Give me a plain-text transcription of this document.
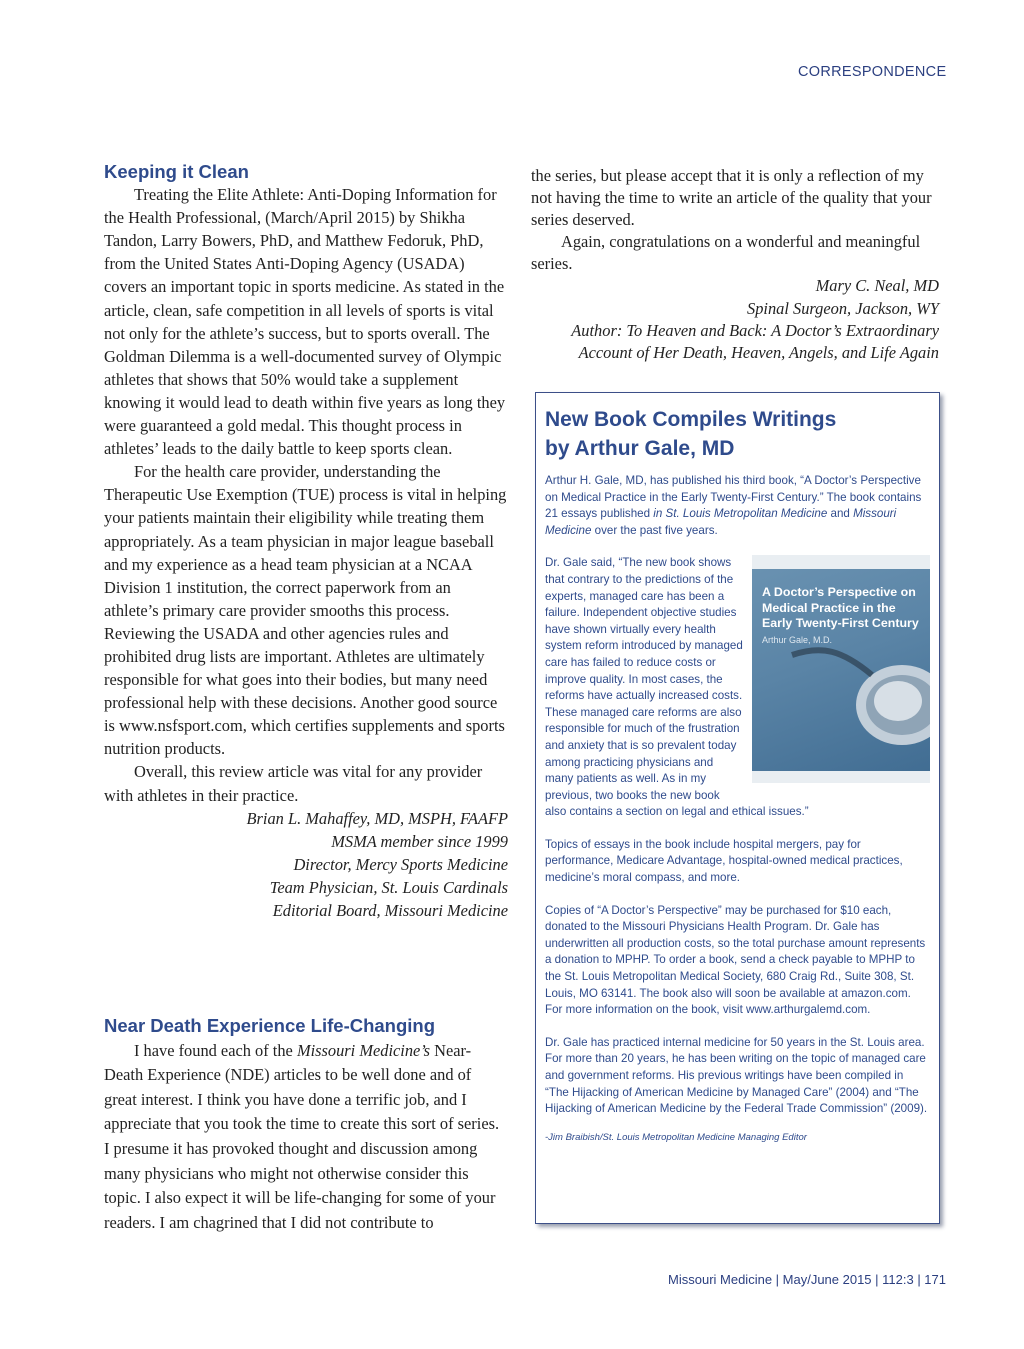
CORRESPONDENCE
Keeping it Clean

Treating the Elite Athlete: Anti-Doping Information for the Health Professional, (March/April 2015) by Shikha Tandon, Larry Bowers, PhD, and Matthew Fedoruk, PhD, from the United States Anti-Doping Agency (USADA) covers an important topic in sports medicine. As stated in the article, clean, safe competition in all levels of sports is vital not only for the athlete’s success, but to sports overall. The Goldman Dilemma is a well-documented survey of Olympic athletes that shows that 50% would take a supplement knowing it would lead to death within five years as long they were guaranteed a gold medal. This thought process in athletes’ leads to the daily battle to keep sports clean.

For the health care provider, understanding the Therapeutic Use Exemption (TUE) process is vital in helping your patients maintain their eligibility while treating them appropriately. As a team physician in major league baseball and my experience as a head team physician at a NCAA Division 1 institution, the correct paperwork from an athlete’s primary care provider smooths this process. Reviewing the USADA and other agencies rules and prohibited drug lists are important. Athletes are ultimately responsible for what goes into their bodies, but many need professional help with these decisions. Another good source is www.nsfsport.com, which certifies supplements and sports nutrition products.

Overall, this review article was vital for any provider with athletes in their practice.

Brian L. Mahaffey, MD, MSPH, FAAFP
MSMA member since 1999
Director, Mercy Sports Medicine
Team Physician, St. Louis Cardinals
Editorial Board, Missouri Medicine
Near Death Experience Life-Changing

I have found each of the Missouri Medicine’s Near-Death Experience (NDE) articles to be well done and of great interest. I think you have done a terrific job, and I appreciate that you took the time to create this sort of series. I presume it has provoked thought and discussion among many physicians who might not otherwise consider this topic. I also expect it will be life-changing for some of your readers. I am chagrined that I did not contribute to

the series, but please accept that it is only a reflection of my not having the time to write an article of the quality that your series deserved.

Again, congratulations on a wonderful and meaningful series.

Mary C. Neal, MD
Spinal Surgeon, Jackson, WY
Author: To Heaven and Back: A Doctor’s Extraordinary
Account of Her Death, Heaven, Angels, and Life Again
New Book Compiles Writings
by Arthur Gale, MD

Arthur H. Gale, MD, has published his third book, “A Doctor’s Perspective on Medical Practice in the Early Twenty-First Century.” The book contains 21 essays published in St. Louis Metropolitan Medicine and Missouri Medicine over the past five years.

A Doctor’s Perspective on Medical Practice in the Early Twenty-First Century
Arthur Gale, M.D.

Dr. Gale said, “The new book shows that contrary to the predictions of the experts, managed care has been a failure. Independent objective studies have shown virtually every health system reform introduced by managed care has failed to reduce costs or improve quality. In most cases, the reforms have actually increased costs. These managed care reforms are also responsible for much of the frustration and anxiety that is so prevalent today among practicing physicians and many patients as well. As in my previous, two books the new book also contains a section on legal and ethical issues.”

Topics of essays in the book include hospital mergers, pay for performance, Medicare Advantage, hospital-owned medical practices, medicine’s moral compass, and more.

Copies of “A Doctor’s Perspective” may be purchased for $10 each, donated to the Missouri Physicians Health Program. Dr. Gale has underwritten all production costs, so the total purchase amount represents a donation to MPHP. To order a book, send a check payable to MPHP to the St. Louis Metropolitan Medical Society, 680 Craig Rd., Suite 308, St. Louis, MO 63141. The book also will soon be available at amazon.com. For more information on the book, visit www.arthurgalemd.com.

Dr. Gale has practiced internal medicine for 50 years in the St. Louis area. For more than 20 years, he has been writing on the topic of managed care and government reforms. His previous writings have been compiled in “The Hijacking of American Medicine by Managed Care” (2004) and “The Hijacking of American Medicine by the Federal Trade Commission” (2009).

-Jim Braibish/St. Louis Metropolitan Medicine Managing Editor

Missouri Medicine | May/June 2015 | 112:3 | 171
